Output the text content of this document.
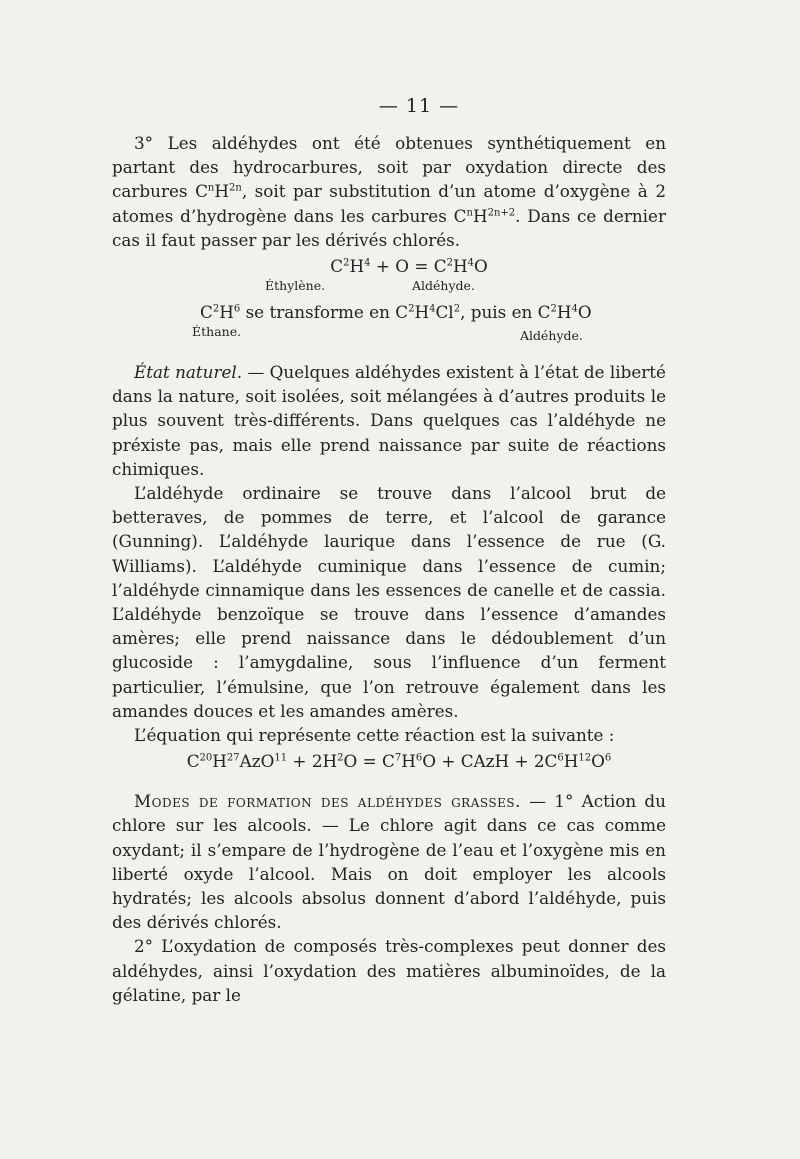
— 11 —

3° Les aldéhydes ont été obtenues synthétiquement en partant des hydrocarbures, soit par oxydation directe des carbures $C^nH^{2n}$, soit par substitution d’un atome d’oxygène à 2 atomes d’hydrogène dans les carbures $C^nH^{2n+2}$. Dans ce dernier cas il faut passer par les dérivés chlorés.

$C^2H^4 + O = C^2H^4O$
Éthylène.	Aldéhyde.
$C^2H^6$ se transforme en $C^2H^4Cl^2$, puis en $C^2H^4O$
Éthane.	Aldéhyde.

État naturel. — Quelques aldéhydes existent à l’état de liberté dans la nature, soit isolées, soit mélangées à d’autres produits le plus souvent très-différents. Dans quelques cas l’aldéhyde ne préxiste pas, mais elle prend naissance par suite de réactions chimiques.

L’aldéhyde ordinaire se trouve dans l’alcool brut de betteraves, de pommes de terre, et l’alcool de garance (Gunning). L’aldéhyde laurique dans l’essence de rue (G. Williams). L’aldéhyde cuminique dans l’essence de cumin; l’aldéhyde cinnamique dans les essences de canelle et de cassia. L’aldéhyde benzoïque se trouve dans l’essence d’amandes amères; elle prend naissance dans le dédoublement d’un glucoside : l’amygdaline, sous l’influence d’un ferment particulier, l’émulsine, que l’on retrouve également dans les amandes douces et les amandes amères.

L’équation qui représente cette réaction est la suivante :

$C^{20}H^{27}AzO^{11} + 2H^2O = C^7H^6O$ + CAzH + $2C^6H^{12}O^6$

Modes de formation des aldéhydes grasses. — 1° Action du chlore sur les alcools. — Le chlore agit dans ce cas comme oxydant; il s’empare de l’hydrogène de l’eau et l’oxygène mis en liberté oxyde l’alcool. Mais on doit employer les alcools hydratés; les alcools absolus donnent d’abord l’aldéhyde, puis des dérivés chlorés.

2° L’oxydation de composés très-complexes peut donner des aldéhydes, ainsi l’oxydation des matières albuminoïdes, de la gélatine, par le
